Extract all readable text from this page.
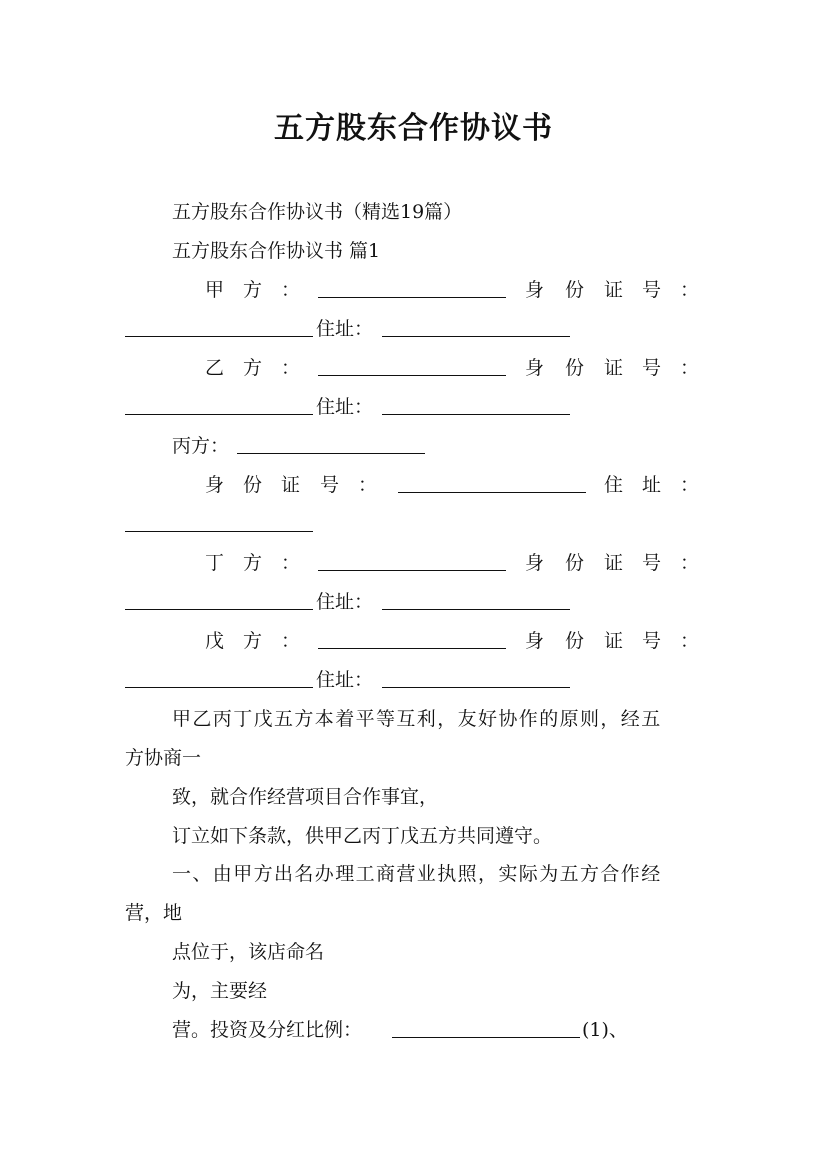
五方股东合作协议书
五方股东合作协议书（精选19篇）
五方股东合作协议书 篇1
甲 方 ：	身 份 证 号 ：
住址：
乙 方 ：	身 份 证 号 ：
住址：
丙方：
身 份 证 号 ：	住 址 ：
丁 方 ：	身 份 证 号 ：
住址：
戊 方 ：	身 份 证 号 ：
住址：
甲乙丙丁戊五方本着平等互利，友好协作的原则，经五
方协商一
致，就合作经营项目合作事宜，
订立如下条款，供甲乙丙丁戊五方共同遵守。
一、由甲方出名办理工商营业执照，实际为五方合作经
营，地
点位于，该店命名
为，主要经
营。投资及分红比例：	(1)、
